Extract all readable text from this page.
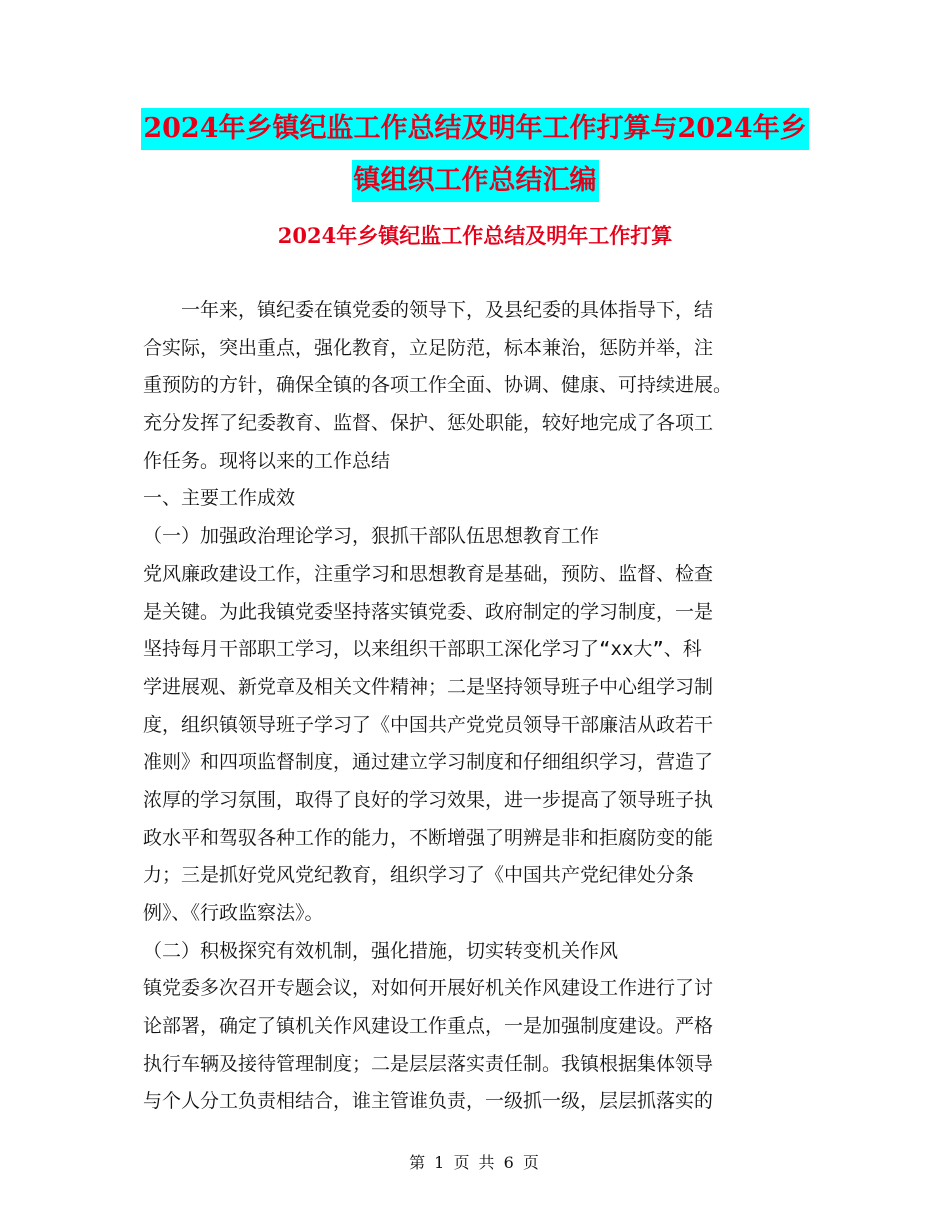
2024年乡镇纪监工作总结及明年工作打算与2024年乡
镇组织工作总结汇编
2024年乡镇纪监工作总结及明年工作打算
一年来，镇纪委在镇党委的领导下，及县纪委的具体指导下，结
合实际，突出重点，强化教育，立足防范，标本兼治，惩防并举，注
重预防的方针，确保全镇的各项工作全面、协调、健康、可持续进展。
充分发挥了纪委教育、监督、保护、惩处职能，较好地完成了各项工
作任务。现将以来的工作总结
一、主要工作成效
（一）加强政治理论学习，狠抓干部队伍思想教育工作
党风廉政建设工作，注重学习和思想教育是基础，预防、监督、检查
是关键。为此我镇党委坚持落实镇党委、政府制定的学习制度，一是
坚持每月干部职工学习，以来组织干部职工深化学习了“xx大”、科
学进展观、新党章及相关文件精神；二是坚持领导班子中心组学习制
度，组织镇领导班子学习了《中国共产党党员领导干部廉洁从政若干
准则》和四项监督制度，通过建立学习制度和仔细组织学习，营造了
浓厚的学习氛围，取得了良好的学习效果，进一步提高了领导班子执
政水平和驾驭各种工作的能力，不断增强了明辨是非和拒腐防变的能
力；三是抓好党风党纪教育，组织学习了《中国共产党纪律处分条
例》、《行政监察法》。
（二）积极探究有效机制，强化措施，切实转变机关作风
镇党委多次召开专题会议，对如何开展好机关作风建设工作进行了讨
论部署，确定了镇机关作风建设工作重点，一是加强制度建设。严格
执行车辆及接待管理制度；二是层层落实责任制。我镇根据集体领导
与个人分工负责相结合，谁主管谁负责，一级抓一级，层层抓落实的
第 1 页 共 6 页
